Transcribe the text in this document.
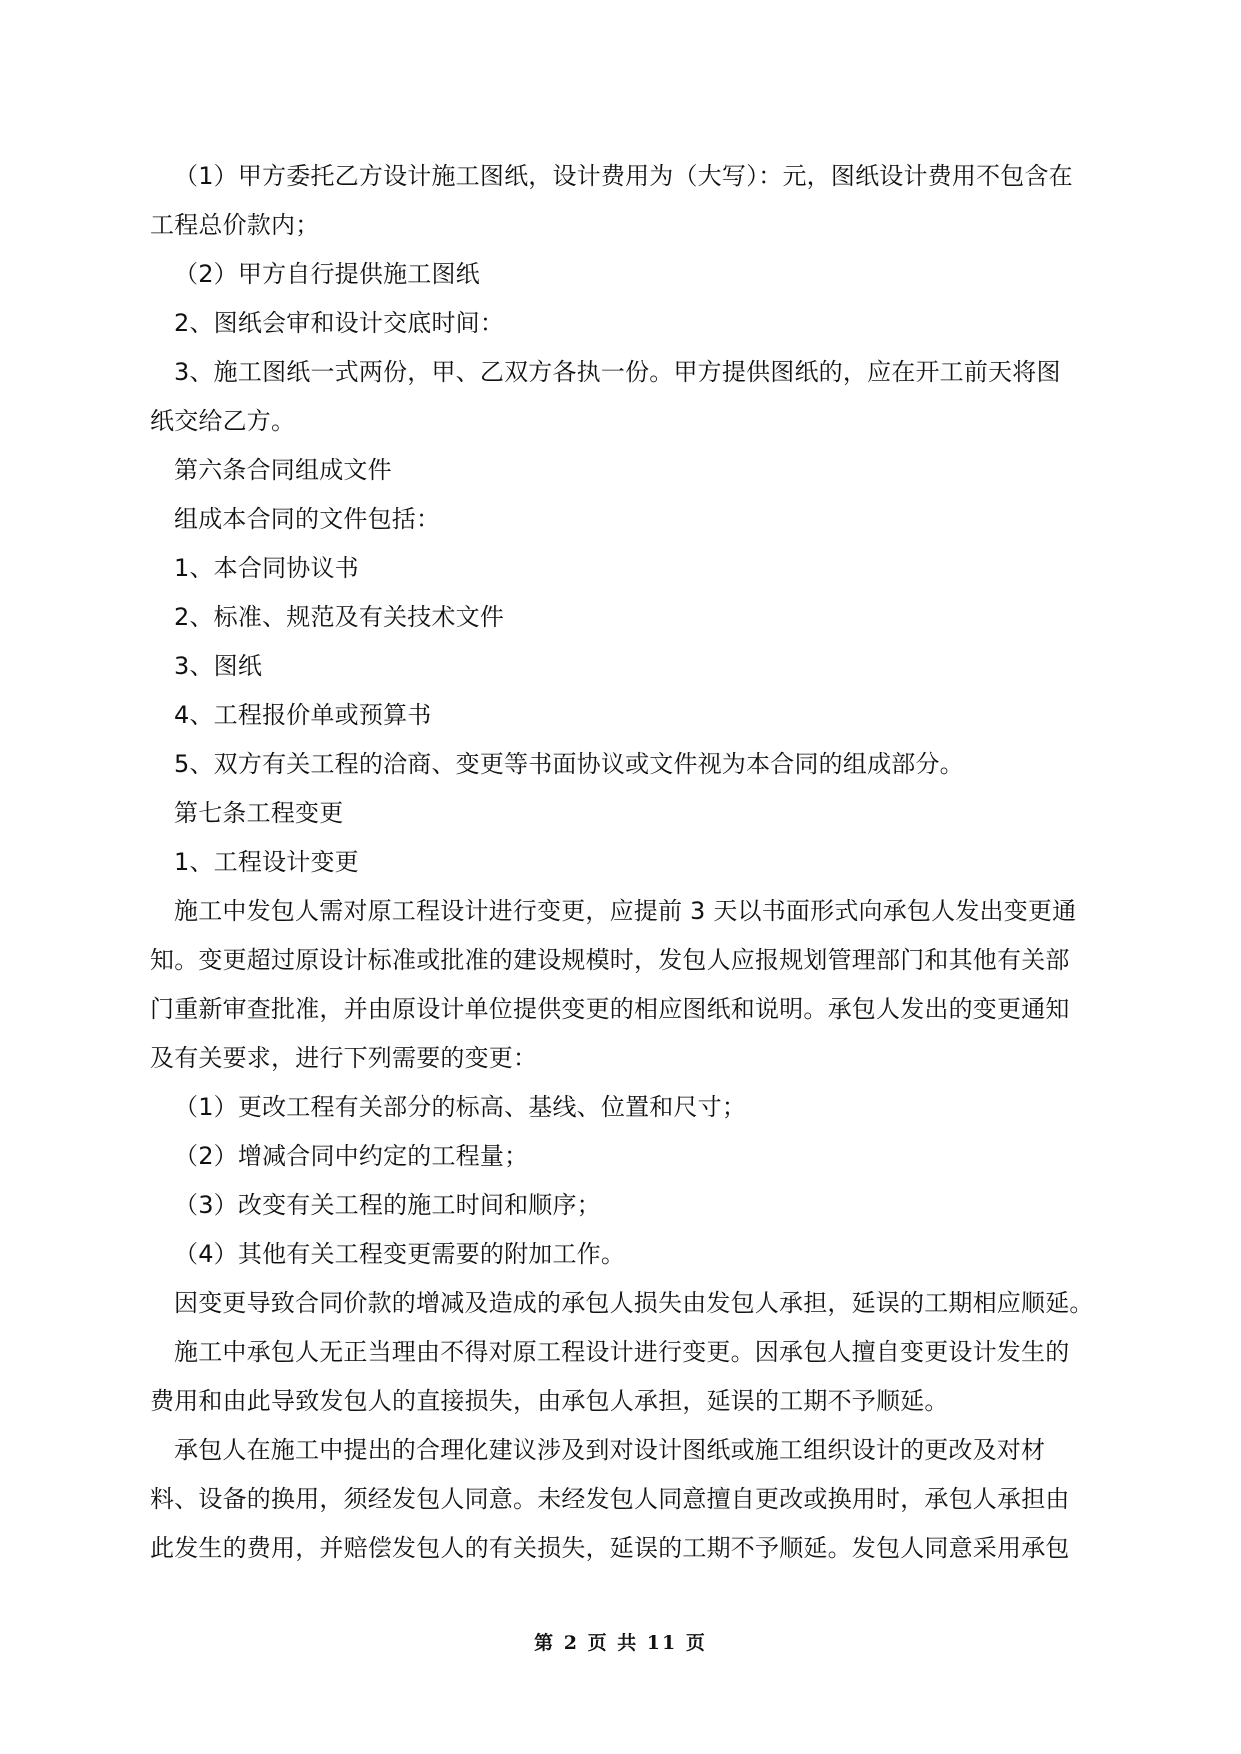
（1）甲方委托乙方设计施工图纸，设计费用为（大写）：元，图纸设计费用不包含在
工程总价款内；
（2）甲方自行提供施工图纸
2、图纸会审和设计交底时间：
3、施工图纸一式两份，甲、乙双方各执一份。甲方提供图纸的，应在开工前天将图
纸交给乙方。
第六条合同组成文件
组成本合同的文件包括：
1、本合同协议书
2、标准、规范及有关技术文件
3、图纸
4、工程报价单或预算书
5、双方有关工程的洽商、变更等书面协议或文件视为本合同的组成部分。
第七条工程变更
1、工程设计变更
施工中发包人需对原工程设计进行变更，应提前 3 天以书面形式向承包人发出变更通
知。变更超过原设计标准或批准的建设规模时，发包人应报规划管理部门和其他有关部
门重新审查批准，并由原设计单位提供变更的相应图纸和说明。承包人发出的变更通知
及有关要求，进行下列需要的变更：
（1）更改工程有关部分的标高、基线、位置和尺寸；
（2）增减合同中约定的工程量；
（3）改变有关工程的施工时间和顺序；
（4）其他有关工程变更需要的附加工作。
因变更导致合同价款的增减及造成的承包人损失由发包人承担，延误的工期相应顺延。
施工中承包人无正当理由不得对原工程设计进行变更。因承包人擅自变更设计发生的
费用和由此导致发包人的直接损失，由承包人承担，延误的工期不予顺延。
承包人在施工中提出的合理化建议涉及到对设计图纸或施工组织设计的更改及对材
料、设备的换用，须经发包人同意。未经发包人同意擅自更改或换用时，承包人承担由
此发生的费用，并赔偿发包人的有关损失，延误的工期不予顺延。发包人同意采用承包
第 2 页 共 11 页
